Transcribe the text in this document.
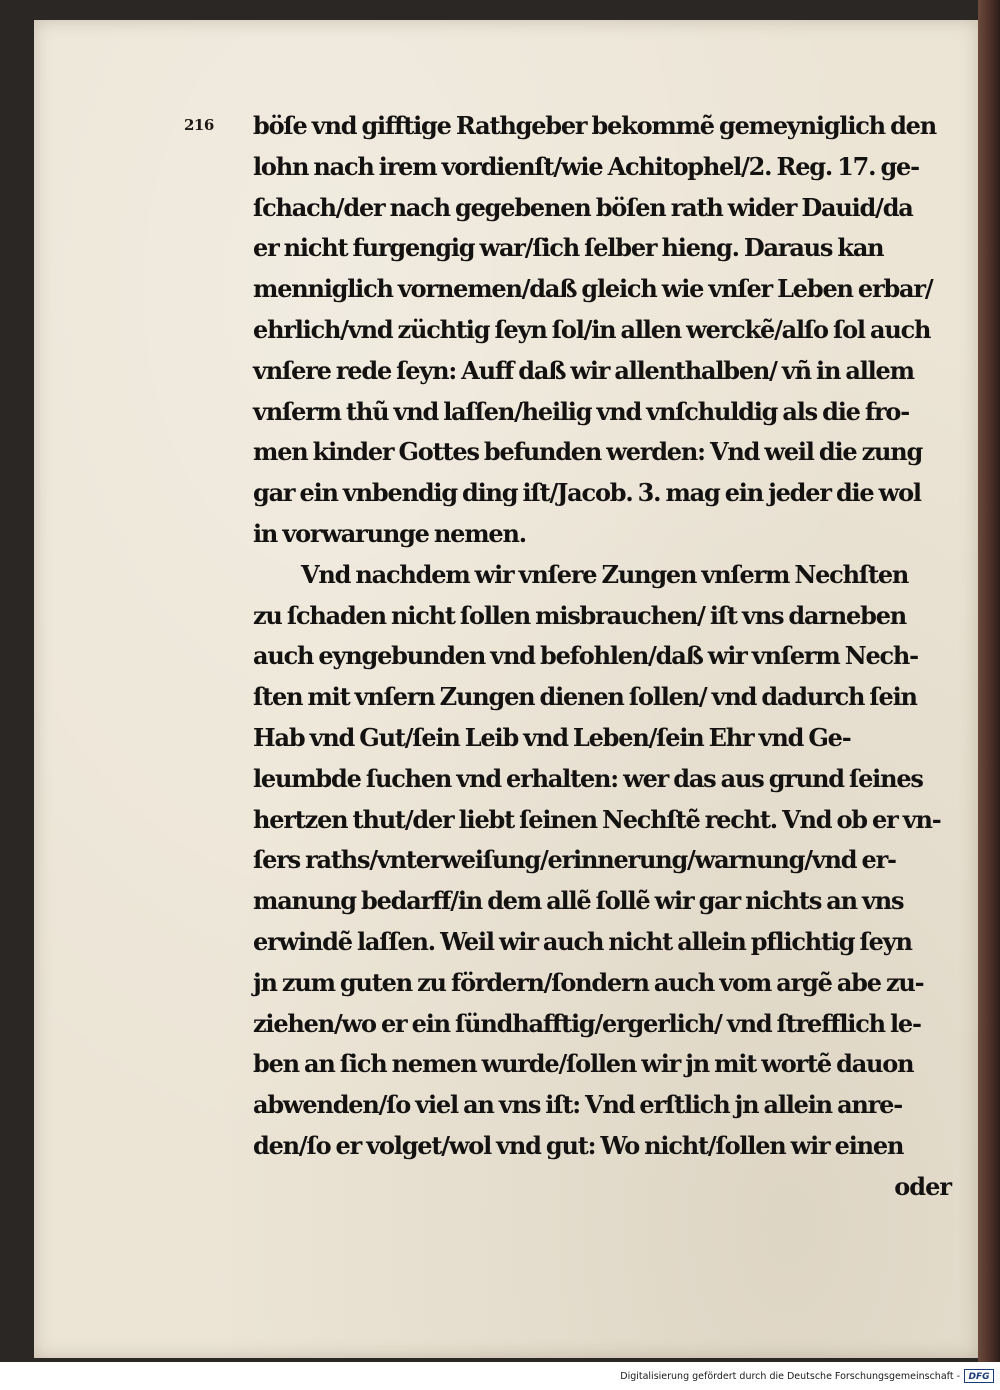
216 böſe vnd gifftige Rathgeber bekommẽ gemeyniglich den
lohn nach irem vordienſt/wie Achitophel/2. Reg. 17. ge-
ſchach/der nach gegebenen böſen rath wider Dauid/da
er nicht furgengig war/ſich ſelber hieng. Daraus kan
menniglich vornemen/daß gleich wie vnſer Leben erbar/
ehrlich/vnd züchtig ſeyn ſol/in allen werckẽ/alſo ſol auch
vnſere rede ſeyn: Auff daß wir allenthalben/ vñ in allem
vnſerm thũ vnd laſſen/heilig vnd vnſchuldig als die fro-
men kinder Gottes befunden werden: Vnd weil die zung
gar ein vnbendig ding iſt/Jacob. 3. mag ein jeder die wol
in vorwarunge nemen.
Vnd nachdem wir vnſere Zungen vnſerm Nechſten
zu ſchaden nicht ſollen misbrauchen/ iſt vns darneben
auch eyngebunden vnd befohlen/daß wir vnſerm Nech-
ſten mit vnſern Zungen dienen ſollen/ vnd dadurch ſein
Hab vnd Gut/ſein Leib vnd Leben/ſein Ehr vnd Ge-
leumbde ſuchen vnd erhalten: wer das aus grund ſeines
hertzen thut/der liebt ſeinen Nechſtẽ recht. Vnd ob er vn-
ſers raths/vnterweiſung/erinnerung/warnung/vnd er-
manung bedarff/in dem allẽ ſollẽ wir gar nichts an vns
erwindẽ laſſen. Weil wir auch nicht allein pflichtig ſeyn
jn zum guten zu fördern/ſondern auch vom argẽ abe zu-
ziehen/wo er ein ſündhafftig/ergerlich/ vnd ſtrefflich le-
ben an ſich nemen wurde/ſollen wir jn mit wortẽ dauon
abwenden/ſo viel an vns iſt: Vnd erſtlich jn allein anre-
den/ſo er volget/wol vnd gut: Wo nicht/ſollen wir einen
oder
Digitalisierung gefördert durch die Deutsche Forschungsgemeinschaft - DFG
